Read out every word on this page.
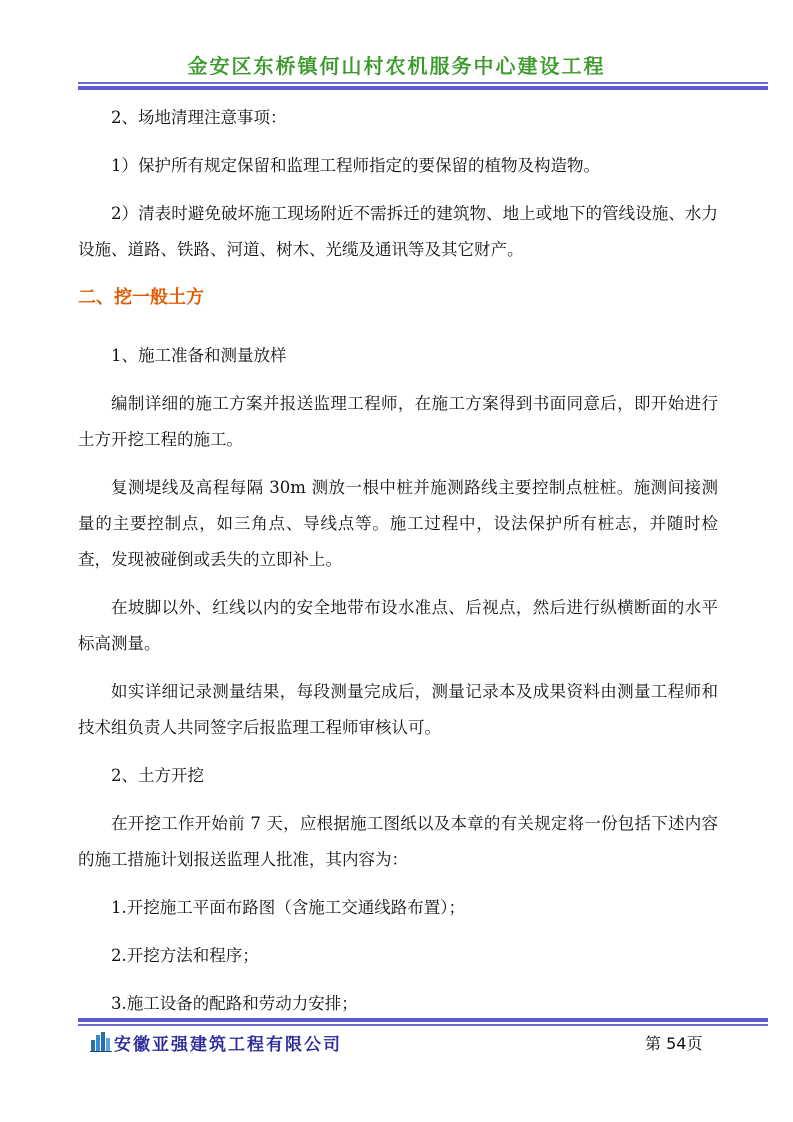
金安区东桥镇何山村农机服务中心建设工程

2、场地清理注意事项：

1）保护所有规定保留和监理工程师指定的要保留的植物及构造物。

2）清表时避免破坏施工现场附近不需拆迁的建筑物、地上或地下的管线设施、水力设施、道路、铁路、河道、树木、光缆及通讯等及其它财产。

二、挖一般土方

1、施工准备和测量放样

编制详细的施工方案并报送监理工程师，在施工方案得到书面同意后，即开始进行土方开挖工程的施工。

复测堤线及高程每隔 30m 测放一根中桩并施测路线主要控制点桩桩。施测间接测量的主要控制点，如三角点、导线点等。施工过程中，设法保护所有桩志，并随时检查，发现被碰倒或丢失的立即补上。

在坡脚以外、红线以内的安全地带布设水准点、后视点，然后进行纵横断面的水平标高测量。

如实详细记录测量结果，每段测量完成后，测量记录本及成果资料由测量工程师和技术组负责人共同签字后报监理工程师审核认可。

2、土方开挖

在开挖工作开始前 7 天，应根据施工图纸以及本章的有关规定将一份包括下述内容的施工措施计划报送监理人批准，其内容为：

1.开挖施工平面布路图（含施工交通线路布置）；

2.开挖方法和程序；

3.施工设备的配路和劳动力安排；

安徽亚强建筑工程有限公司	第 54页
